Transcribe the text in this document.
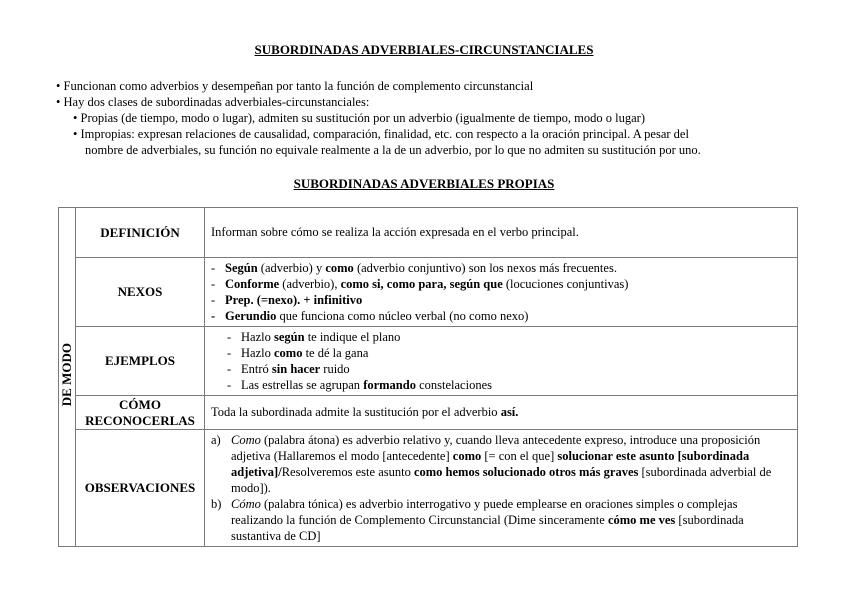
SUBORDINADAS ADVERBIALES-CIRCUNSTANCIALES
• Funcionan como adverbios y desempeñan por tanto la función de complemento circunstancial
• Hay dos clases de subordinadas adverbiales-circunstanciales:
• Propias (de tiempo, modo o lugar), admiten su sustitución por un adverbio (igualmente de tiempo, modo o lugar)
• Impropias: expresan relaciones de causalidad, comparación, finalidad, etc. con respecto a la oración principal. A pesar del
nombre de adverbiales, su función no equivale realmente a la de un adverbio, por lo que no admiten su sustitución por uno.
SUBORDINADAS ADVERBIALES PROPIAS
DE MODO	DEFINICIÓN	Informan sobre cómo se realiza la acción expresada en el verbo principal.
	NEXOS	- Según (adverbio) y como (adverbio conjuntivo) son los nexos más frecuentes.
- Conforme (adverbio), como si, como para, según que (locuciones conjuntivas)
- Prep. (=nexo). + infinitivo
- Gerundio que funciona como núcleo verbal (no como nexo)

	EJEMPLOS	- Hazlo según te indique el plano
- Hazlo como te dé la gana
- Entró sin hacer ruido
- Las estrellas se agrupan formando constelaciones

	CÓMO
RECONOCERLAS	Toda la subordinada admite la sustitución por el adverbio así.
	OBSERVACIONES	a) Como (palabra átona) es adverbio relativo y, cuando lleva antecedente expreso, introduce una proposición adjetiva (Hallaremos el modo [antecedente] como [= con el que] solucionar este asunto [subordinada adjetiva]/Resolveremos este asunto como hemos solucionado otros más graves [subordinada adverbial de modo]).
b) Cómo (palabra tónica) es adverbio interrogativo y puede emplearse en oraciones simples o complejas realizando la función de Complemento Circunstancial (Dime sinceramente cómo me ves [subordinada sustantiva de CD]
